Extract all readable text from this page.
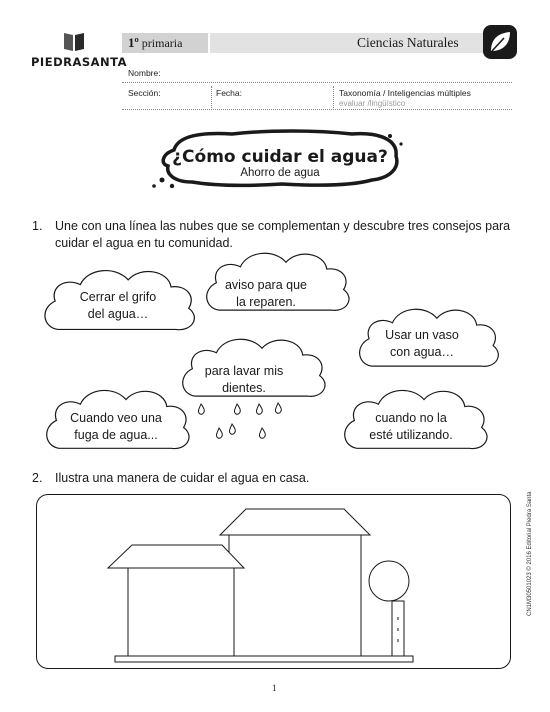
PIEDRASANTA
1º primaria	Ciencias Naturales
Nombre:
Sección:	Fecha:	Taxonomía / Inteligencias múltiples
evaluar /lingüístico
¿Cómo cuidar el agua?
Ahorro de agua
1. Une con una línea las nubes que se complementan y descubre tres consejos para
cuidar el agua en tu comunidad.
Cerrar el grifo
del agua…
aviso para que
la reparen.
Usar un vaso
con agua…
para lavar mis
dientes.
Cuando veo una
fuga de agua...
cuando no la
esté utilizando.
2. Ilustra una manera de cuidar el agua en casa.
CN1M30501023 © 2016 Editorial Piedra Santa
1
